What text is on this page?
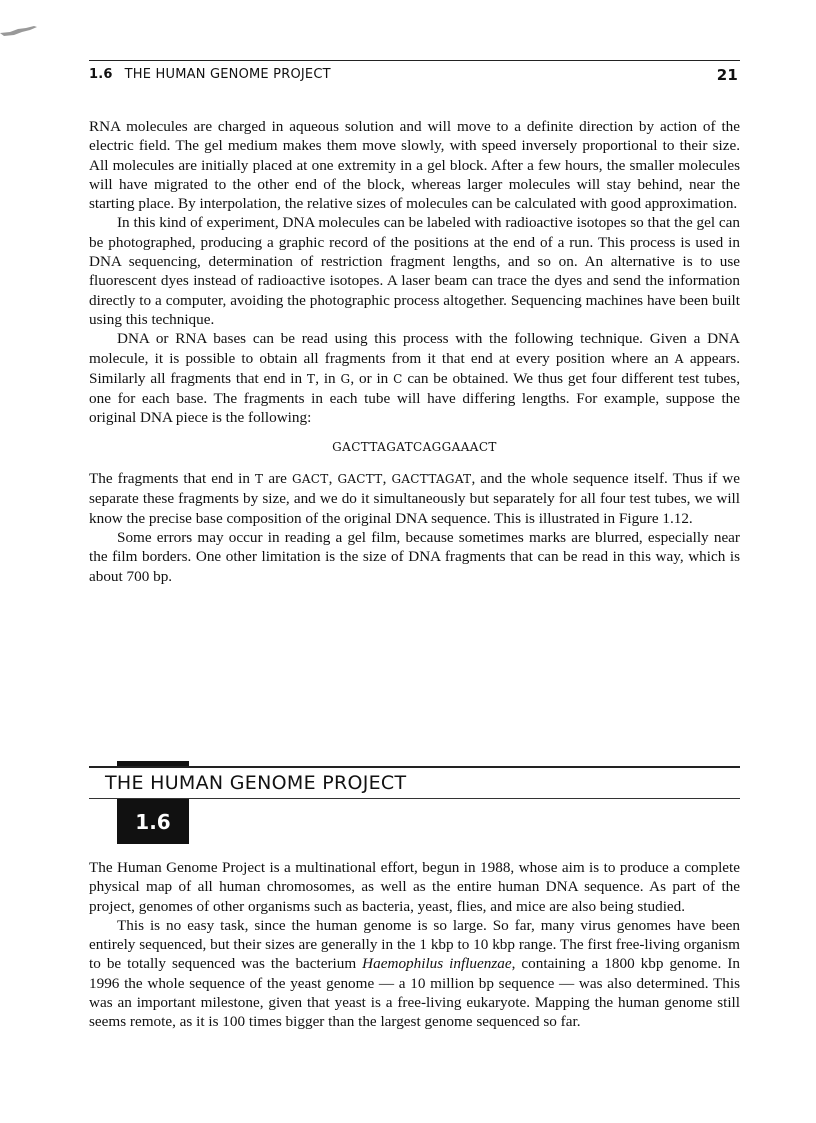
1.6 THE HUMAN GENOME PROJECT	21

RNA molecules are charged in aqueous solution and will move to a definite direction by action of the electric field. The gel medium makes them move slowly, with speed inversely proportional to their size. All molecules are initially placed at one extremity in a gel block. After a few hours, the smaller molecules will have migrated to the other end of the block, whereas larger molecules will stay behind, near the starting place. By interpolation, the relative sizes of molecules can be calculated with good approximation.

In this kind of experiment, DNA molecules can be labeled with radioactive isotopes so that the gel can be photographed, producing a graphic record of the positions at the end of a run. This process is used in DNA sequencing, determination of restriction fragment lengths, and so on. An alternative is to use fluorescent dyes instead of radioactive isotopes. A laser beam can trace the dyes and send the information directly to a computer, avoiding the photographic process altogether. Sequencing machines have been built using this technique.

DNA or RNA bases can be read using this process with the following technique. Given a DNA molecule, it is possible to obtain all fragments from it that end at every position where an A appears. Similarly all fragments that end in T, in G, or in C can be obtained. We thus get four different test tubes, one for each base. The fragments in each tube will have differing lengths. For example, suppose the original DNA piece is the following:

GACTTAGATCAGGAAACT

The fragments that end in T are GACT, GACTT, GACTTAGAT, and the whole sequence itself. Thus if we separate these fragments by size, and we do it simultaneously but separately for all four test tubes, we will know the precise base composition of the original DNA sequence. This is illustrated in Figure 1.12.

Some errors may occur in reading a gel film, because sometimes marks are blurred, especially near the film borders. One other limitation is the size of DNA fragments that can be read in this way, which is about 700 bp.

THE HUMAN GENOME PROJECT
1.6

The Human Genome Project is a multinational effort, begun in 1988, whose aim is to produce a complete physical map of all human chromosomes, as well as the entire human DNA sequence. As part of the project, genomes of other organisms such as bacteria, yeast, flies, and mice are also being studied.

This is no easy task, since the human genome is so large. So far, many virus genomes have been entirely sequenced, but their sizes are generally in the 1 kbp to 10 kbp range. The first free-living organism to be totally sequenced was the bacterium Haemophilus influenzae, containing a 1800 kbp genome. In 1996 the whole sequence of the yeast genome — a 10 million bp sequence — was also determined. This was an important milestone, given that yeast is a free-living eukaryote. Mapping the human genome still seems remote, as it is 100 times bigger than the largest genome sequenced so far.
